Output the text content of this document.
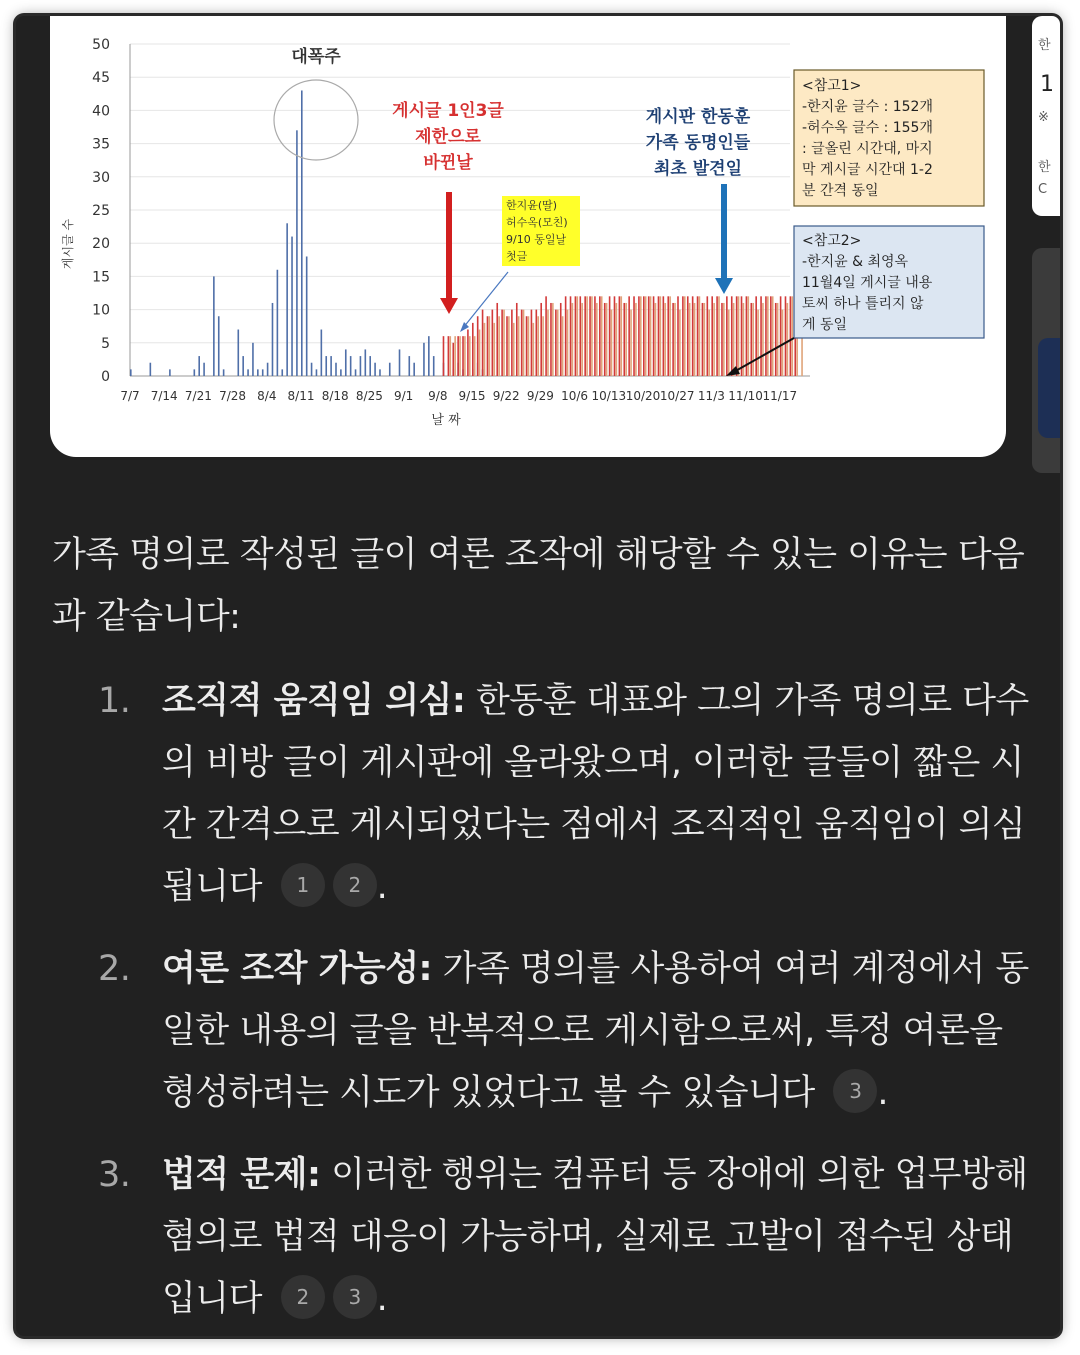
0
5
10
15
20
25
30
35
40
45
50
7/7 7/14 7/21 7/28 8/4 8/11 8/18 8/25 9/1 9/8 9/15 9/22 9/29 10/6 10/13 10/20 10/27 11/3 11/10 11/17
게시글 수
날 짜
대폭주
게시글 1인3글
제한으로
바뀐날
한지윤(딸)
허수옥(모친)
9/10 동일날
첫글
게시판 한동훈
가족 동명인들
최초 발견일
<참고1>
-한지윤 글수 : 152개
-허수옥 글수 : 155개
: 글올린 시간대, 마지
막 게시글 시간대 1-2
분 간격 동일
<참고2>
-한지윤 & 최영옥
11월4일 게시글 내용
토씨 하나 틀리지 않
게 동일
한
1
※
한
C

가족 명의로 작성된 글이 여론 조작에 해당할 수 있는 이유는 다음과 같습니다:

1. 조직적 움직임 의심: 한동훈 대표와 그의 가족 명의로 다수의 비방 글이 게시판에 올라왔으며, 이러한 글들이 짧은 시간 간격으로 게시되었다는 점에서 조직적인 움직임이 의심됩니다 1 2 .
2. 여론 조작 가능성: 가족 명의를 사용하여 여러 계정에서 동일한 내용의 글을 반복적으로 게시함으로써, 특정 여론을 형성하려는 시도가 있었다고 볼 수 있습니다 3 .
3. 법적 문제: 이러한 행위는 컴퓨터 등 장애에 의한 업무방해 혐의로 법적 대응이 가능하며, 실제로 고발이 접수된 상태입니다 2 3 .
